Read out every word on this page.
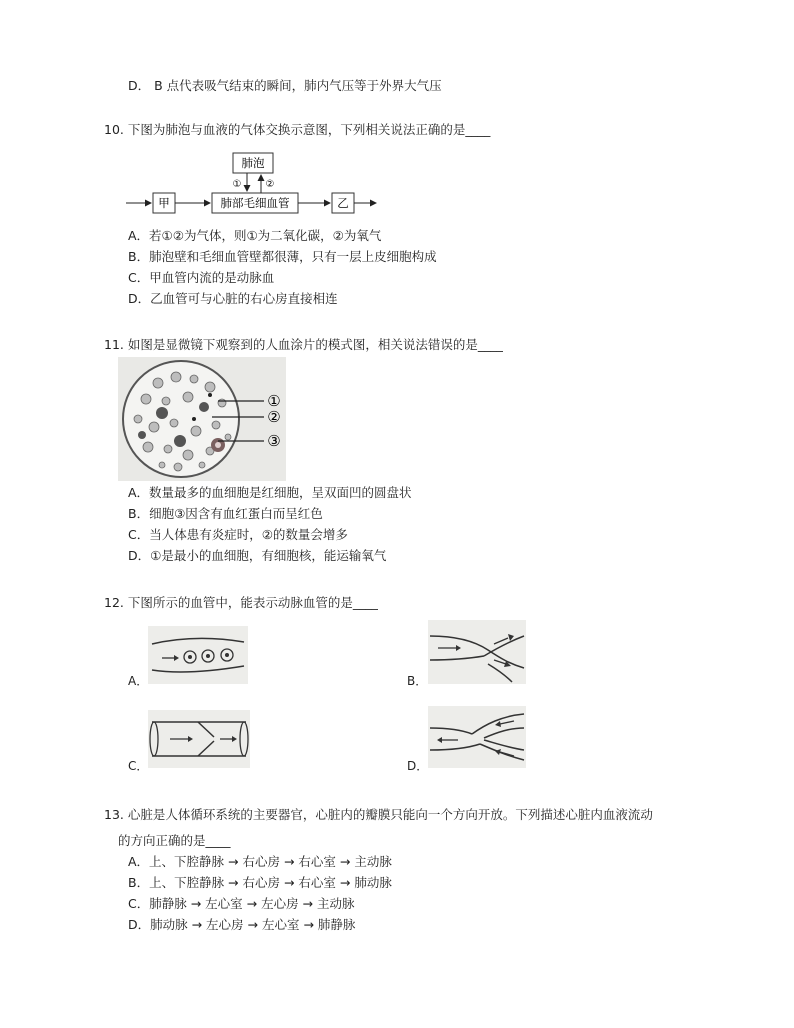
D． B 点代表吸气结束的瞬间，肺内气压等于外界大气压
10. 下图为肺泡与血液的气体交换示意图，下列相关说法正确的是____
肺泡
肺部毛细血管
甲	乙
① ②
A．若①②为气体，则①为二氧化碳，②为氧气
B．肺泡壁和毛细血管壁都很薄，只有一层上皮细胞构成
C．甲血管内流的是动脉血
D．乙血管可与心脏的右心房直接相连
11. 如图是显微镜下观察到的人血涂片的模式图，相关说法错误的是____
①
②
③
A．数量最多的血细胞是红细胞，呈双面凹的圆盘状
B．细胞③因含有血红蛋白而呈红色
C．当人体患有炎症时，②的数量会增多
D．①是最小的血细胞，有细胞核，能运输氧气
12. 下图所示的血管中，能表示动脉血管的是____
A．	B．
C．	D．
13. 心脏是人体循环系统的主要器官，心脏内的瓣膜只能向一个方向开放。下列描述心脏内血液流动
的方向正确的是____
A．上、下腔静脉 → 右心房 → 右心室 → 主动脉
B．上、下腔静脉 → 右心房 → 右心室 → 肺动脉
C．肺静脉 → 左心室 → 左心房 → 主动脉
D．肺动脉 → 左心房 → 左心室 → 肺静脉
